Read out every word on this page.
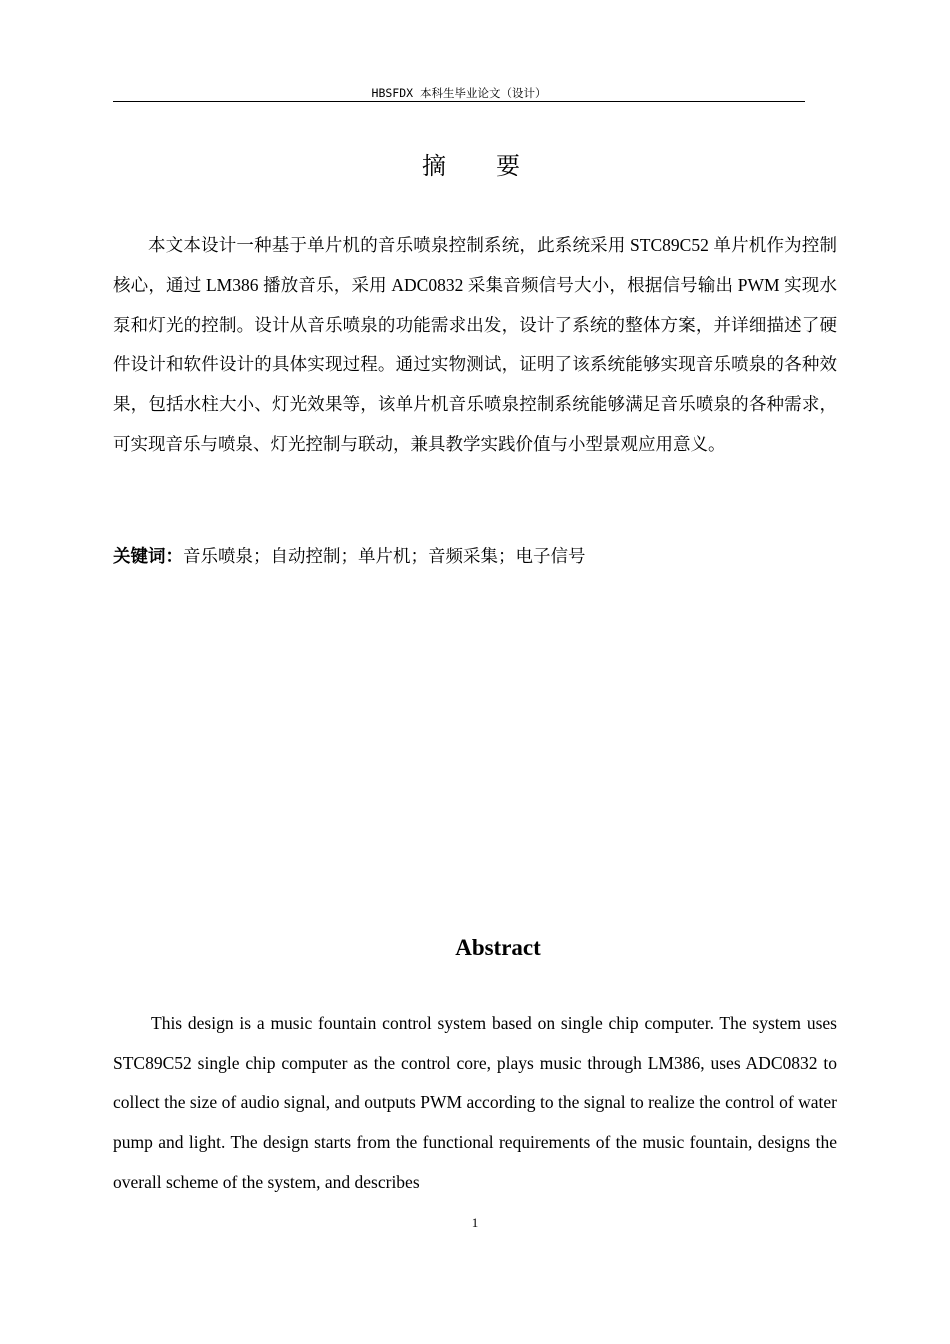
HBSFDX 本科生毕业论文（设计）
摘 要

本文本设计一种基于单片机的音乐喷泉控制系统，此系统采用 STC89C52 单片机作为控制核心，通过 LM386 播放音乐，采用 ADC0832 采集音频信号大小，根据信号输出 PWM 实现水泵和灯光的控制。设计从音乐喷泉的功能需求出发，设计了系统的整体方案，并详细描述了硬件设计和软件设计的具体实现过程。通过实物测试，证明了该系统能够实现音乐喷泉的各种效果，包括水柱大小、灯光效果等，该单片机音乐喷泉控制系统能够满足音乐喷泉的各种需求，可实现音乐与喷泉、灯光控制与联动，兼具教学实践价值与小型景观应用意义。

关键词：音乐喷泉；自动控制；单片机；音频采集；电子信号

Abstract

This design is a music fountain control system based on single chip computer. The system uses STC89C52 single chip computer as the control core, plays music through LM386, uses ADC0832 to collect the size of audio signal, and outputs PWM according to the signal to realize the control of water pump and light. The design starts from the functional requirements of the music fountain, designs the overall scheme of the system, and describes

1
